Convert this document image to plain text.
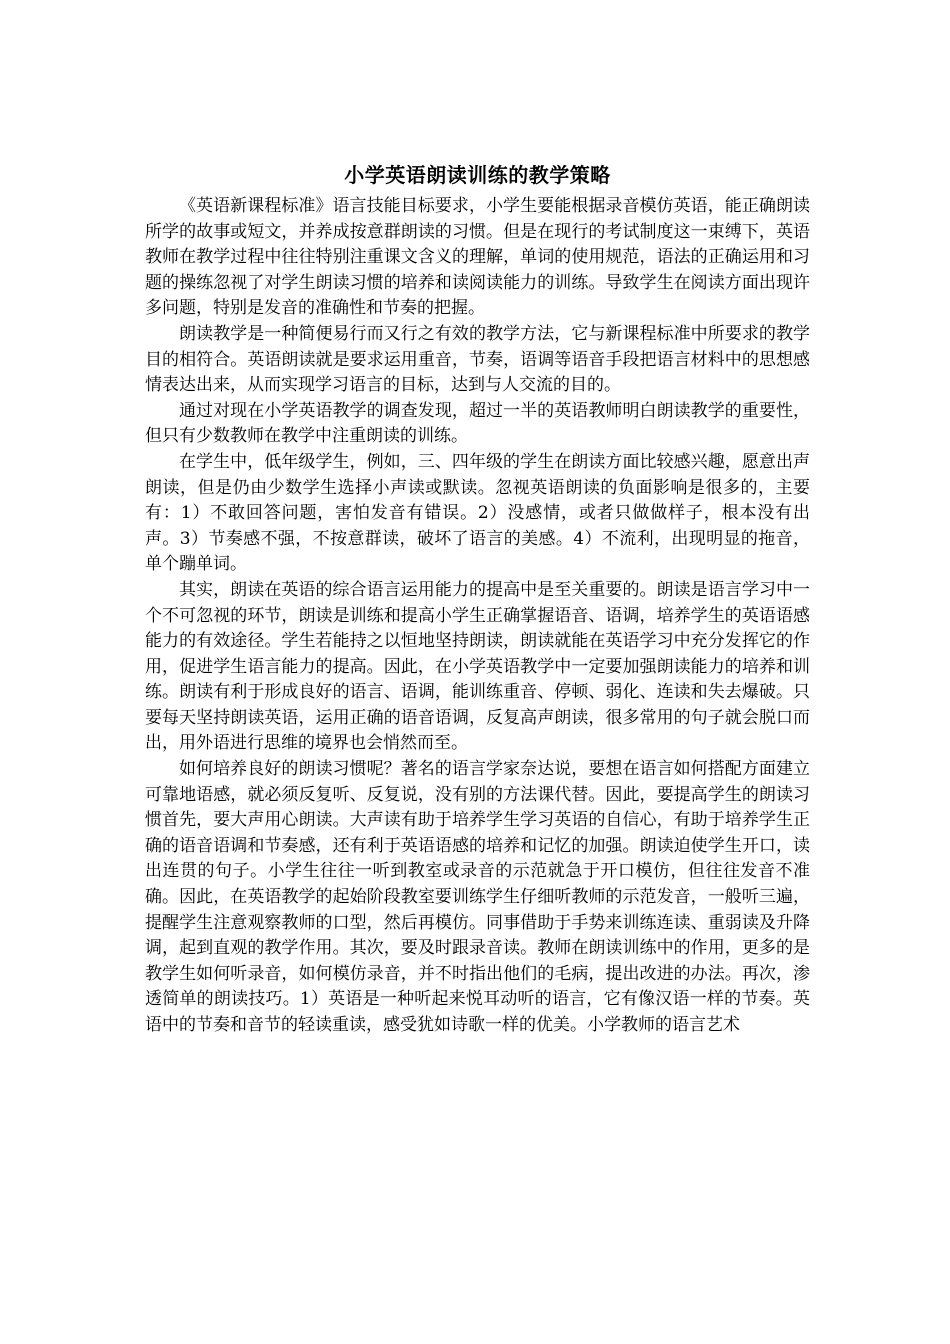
小学英语朗读训练的教学策略

《英语新课程标准》语言技能目标要求，小学生要能根据录音模仿英语，能正确朗读所学的故事或短文，并养成按意群朗读的习惯。但是在现行的考试制度这一束缚下，英语教师在教学过程中往往特别注重课文含义的理解，单词的使用规范，语法的正确运用和习题的操练忽视了对学生朗读习惯的培养和读阅读能力的训练。导致学生在阅读方面出现许多问题，特别是发音的准确性和节奏的把握。

朗读教学是一种简便易行而又行之有效的教学方法，它与新课程标准中所要求的教学目的相符合。英语朗读就是要求运用重音，节奏，语调等语音手段把语言材料中的思想感情表达出来，从而实现学习语言的目标，达到与人交流的目的。

通过对现在小学英语教学的调查发现，超过一半的英语教师明白朗读教学的重要性，但只有少数教师在教学中注重朗读的训练。

在学生中，低年级学生，例如，三、四年级的学生在朗读方面比较感兴趣，愿意出声朗读，但是仍由少数学生选择小声读或默读。忽视英语朗读的负面影响是很多的，主要有：1）不敢回答问题，害怕发音有错误。2）没感情，或者只做做样子，根本没有出声。3）节奏感不强，不按意群读，破坏了语言的美感。4）不流利，出现明显的拖音，单个蹦单词。

其实，朗读在英语的综合语言运用能力的提高中是至关重要的。朗读是语言学习中一个不可忽视的环节，朗读是训练和提高小学生正确掌握语音、语调，培养学生的英语语感能力的有效途径。学生若能持之以恒地坚持朗读，朗读就能在英语学习中充分发挥它的作用，促进学生语言能力的提高。因此，在小学英语教学中一定要加强朗读能力的培养和训练。朗读有利于形成良好的语言、语调，能训练重音、停顿、弱化、连读和失去爆破。只要每天坚持朗读英语，运用正确的语音语调，反复高声朗读，很多常用的句子就会脱口而出，用外语进行思维的境界也会悄然而至。

如何培养良好的朗读习惯呢？著名的语言学家奈达说，要想在语言如何搭配方面建立可靠地语感，就必须反复听、反复说，没有别的方法课代替。因此，要提高学生的朗读习惯首先，要大声用心朗读。大声读有助于培养学生学习英语的自信心，有助于培养学生正确的语音语调和节奏感，还有利于英语语感的培养和记忆的加强。朗读迫使学生开口，读出连贯的句子。小学生往往一听到教室或录音的示范就急于开口模仿，但往往发音不准确。因此，在英语教学的起始阶段教室要训练学生仔细听教师的示范发音，一般听三遍，提醒学生注意观察教师的口型，然后再模仿。同事借助于手势来训练连读、重弱读及升降调，起到直观的教学作用。其次，要及时跟录音读。教师在朗读训练中的作用，更多的是教学生如何听录音，如何模仿录音，并不时指出他们的毛病，提出改进的办法。再次，渗透简单的朗读技巧。1）英语是一种听起来悦耳动听的语言，它有像汉语一样的节奏。英语中的节奏和音节的轻读重读，感受犹如诗歌一样的优美。小学教师的语言艺术
